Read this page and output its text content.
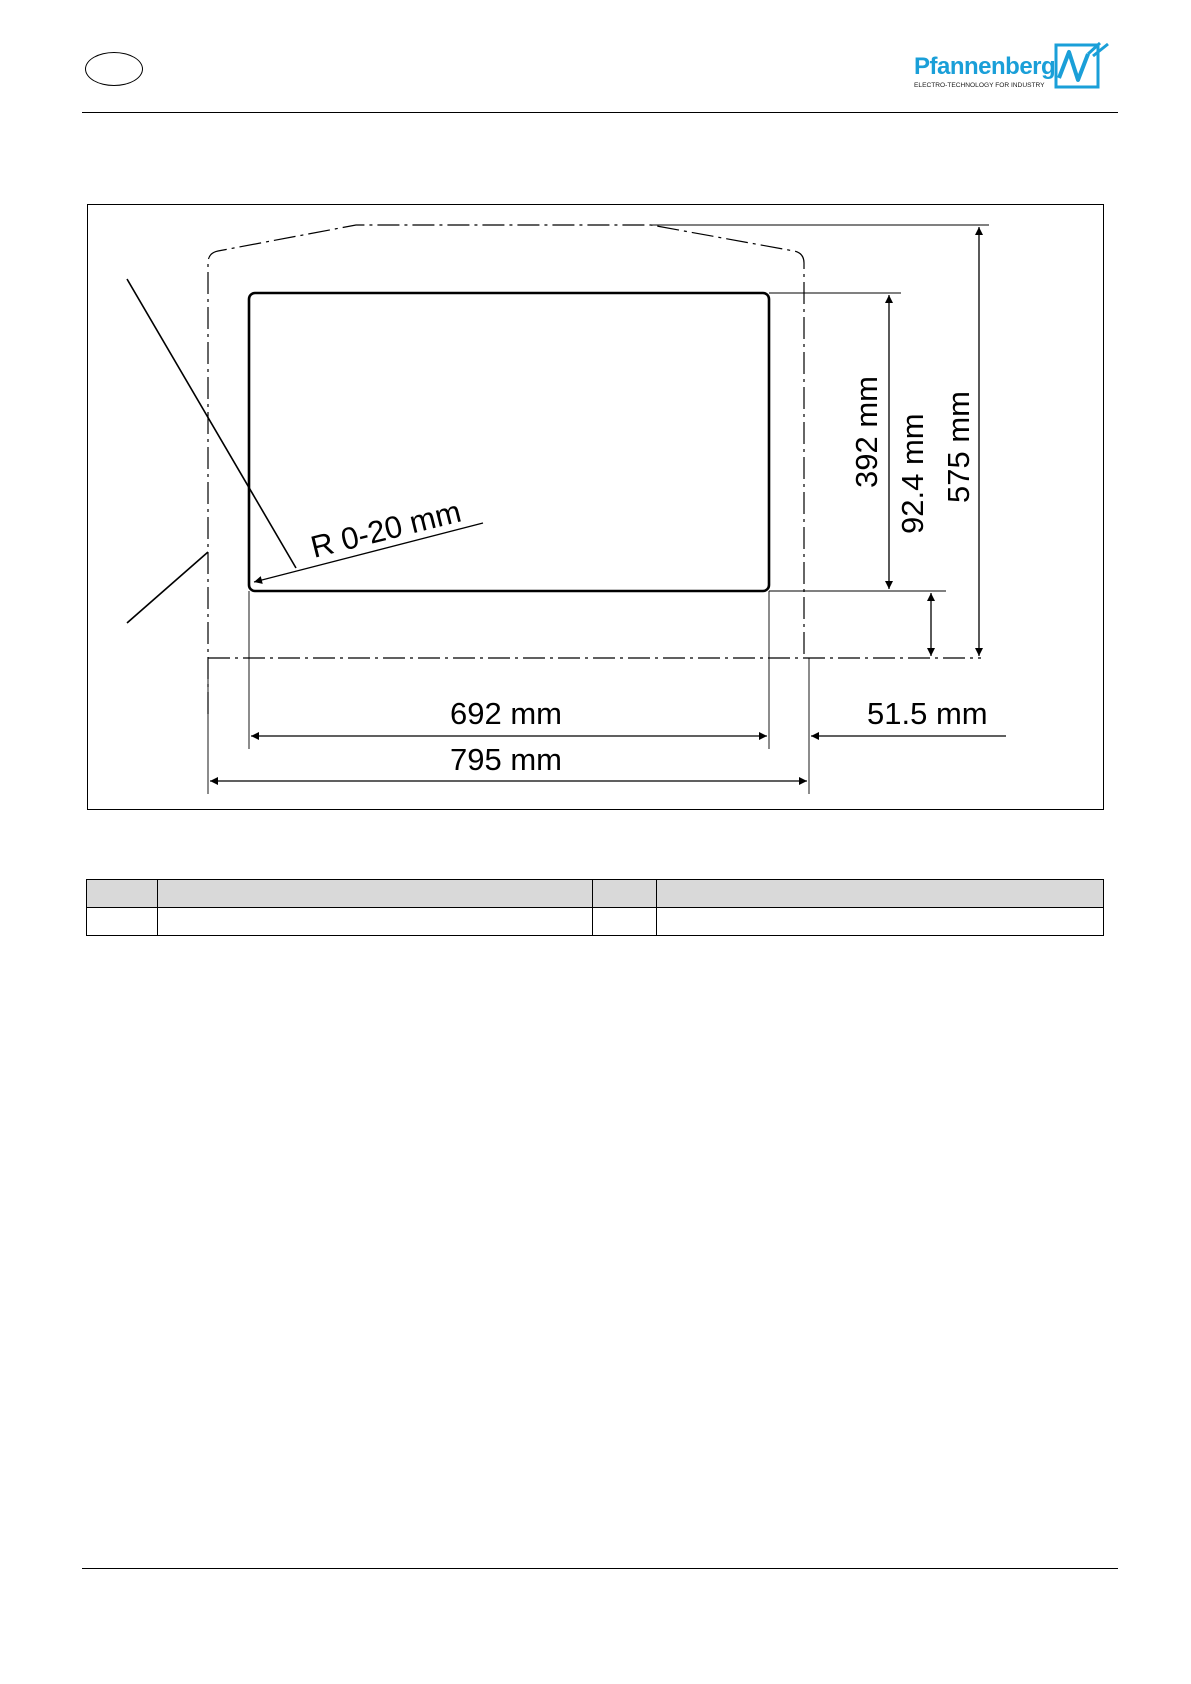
Pfannenberg
ELECTRO-TECHNOLOGY FOR INDUSTRY
R 0-20 mm
692 mm
795 mm
51.5 mm
392 mm 92.4 mm 575 mm
